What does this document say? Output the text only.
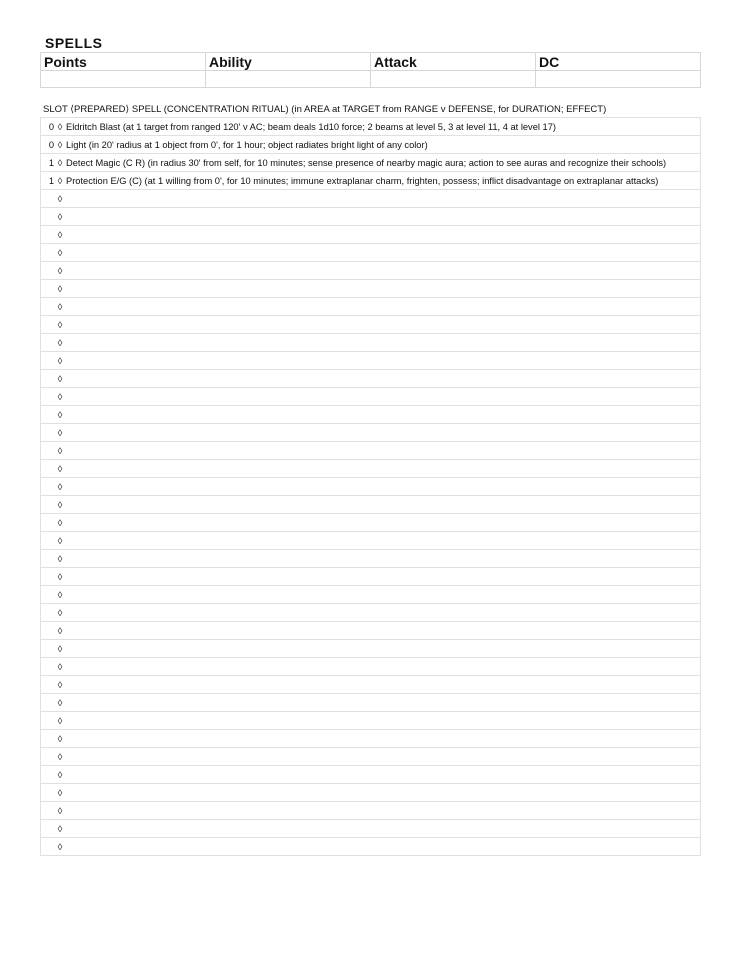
SPELLS
Points	Ability	Attack	DC

SLOT ⟨PREPARED⟩ SPELL (CONCENTRATION RITUAL) (in AREA at TARGET from RANGE v DEFENSE, for DURATION; EFFECT)
0	◊	Eldritch Blast (at 1 target from ranged 120' v AC; beam deals 1d10 force; 2 beams at level 5, 3 at level 11, 4 at level 17)
0	◊	Light (in 20' radius at 1 object from 0', for 1 hour; object radiates bright light of any color)
1	◊	Detect Magic (C R) (in radius 30' from self, for 10 minutes; sense presence of nearby magic aura; action to see auras and recognize their schools)
1	◊	Protection E/G (C) (at 1 willing from 0', for 10 minutes; immune extraplanar charm, frighten, possess; inflict disadvantage on extraplanar attacks)
	◊	
	◊	
	◊	
	◊	
	◊	
	◊	
	◊	
	◊	
	◊	
	◊	
	◊	
	◊	
	◊	
	◊	
	◊	
	◊	
	◊	
	◊	
	◊	
	◊	
	◊	
	◊	
	◊	
	◊	
	◊	
	◊	
	◊	
	◊	
	◊	
	◊	
	◊	
	◊	
	◊	
	◊	
	◊	
	◊	
	◊	
